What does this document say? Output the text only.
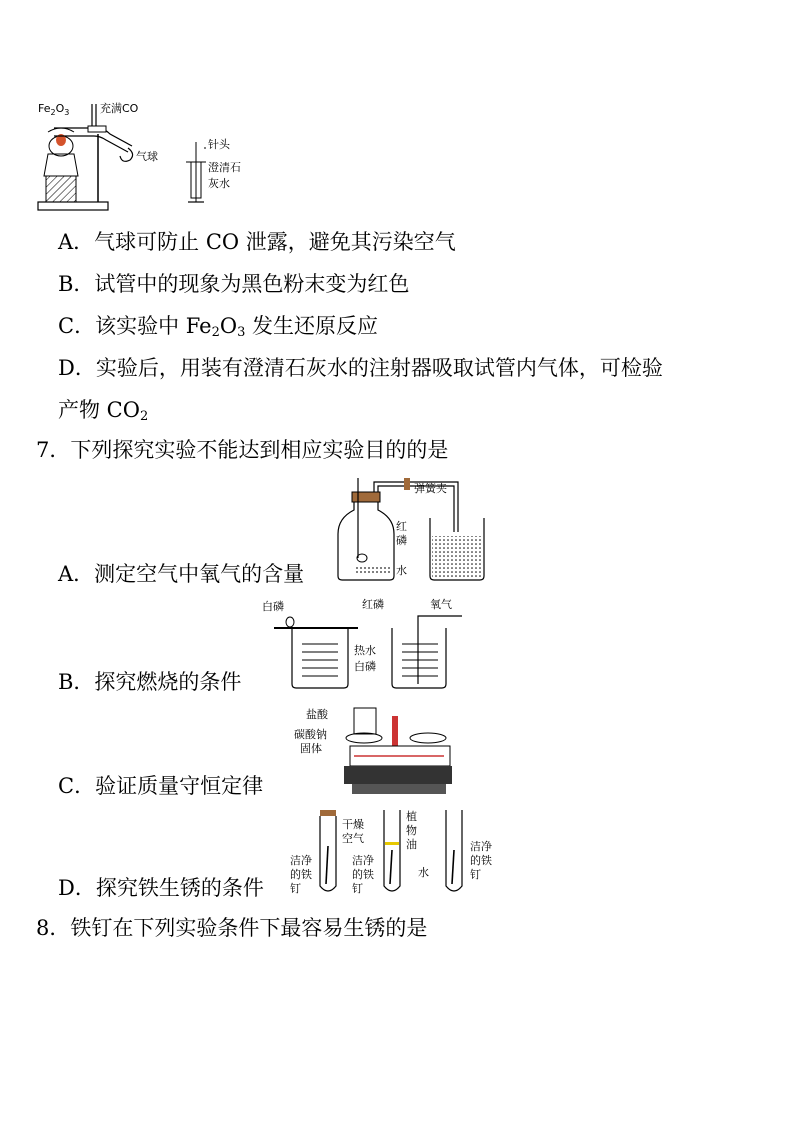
$Fe_2O_3$	充满CO
气球
针头
澄清石
灰水
A．气球可防止 CO 泄露，避免其污染空气
B．试管中的现象为黑色粉末变为红色
C．该实验中 $Fe_2O_3$ 发生还原反应
D．实验后，用装有澄清石灰水的注射器吸取试管内气体，可检验
产物 $CO_2$
7．下列探究实验不能达到相应实验目的的是
弹簧夹
红
磷
水
A．测定空气中氧气的含量
白磷	红磷	氧气
热水
白磷
B．探究燃烧的条件
盐酸
碳酸钠
固体
C．验证质量守恒定律
干燥
空气
植
物
油
洁净
的铁
钉
洁净
的铁
钉
水
洁净
的铁
钉
D．探究铁生锈的条件
8．铁钉在下列实验条件下最容易生锈的是
